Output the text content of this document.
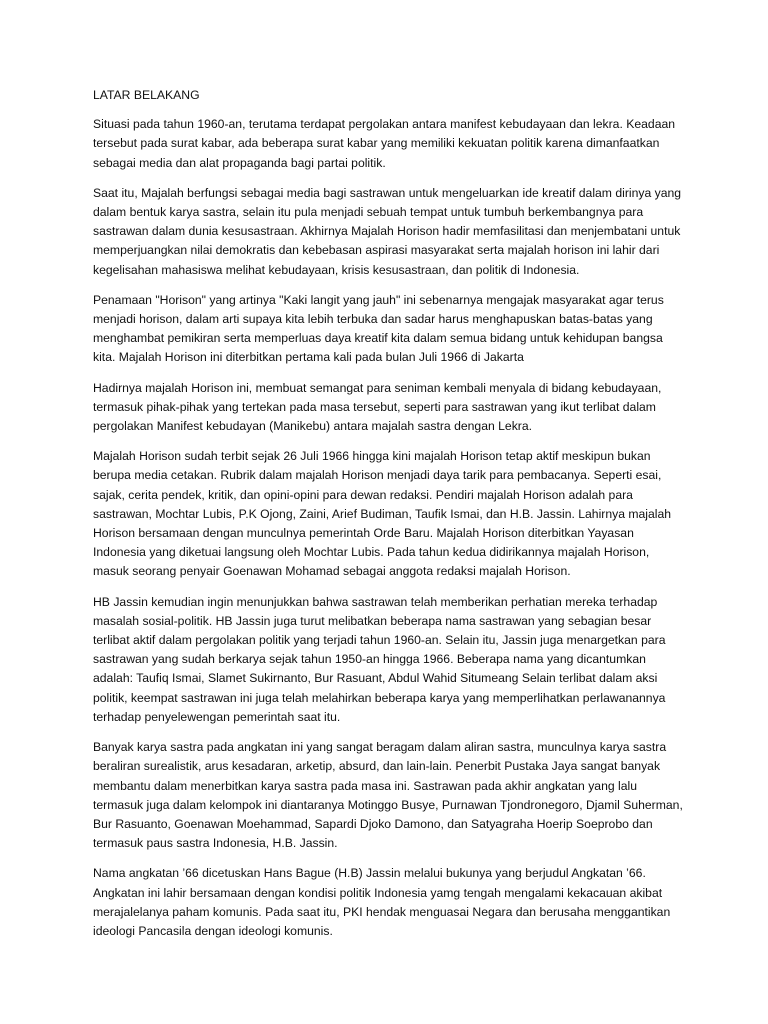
LATAR BELAKANG

Situasi pada tahun 1960-an, terutama terdapat pergolakan antara manifest kebudayaan dan lekra. Keadaan tersebut pada surat kabar, ada beberapa surat kabar yang memiliki kekuatan politik karena dimanfaatkan sebagai media dan alat propaganda bagi partai politik.

Saat itu, Majalah berfungsi sebagai media bagi sastrawan untuk mengeluarkan ide kreatif dalam dirinya yang dalam bentuk karya sastra, selain itu pula menjadi sebuah tempat untuk tumbuh berkembangnya para sastrawan dalam dunia kesusastraan. Akhirnya Majalah Horison hadir memfasilitasi dan menjembatani untuk memperjuangkan nilai demokratis dan kebebasan aspirasi masyarakat serta majalah horison ini lahir dari kegelisahan mahasiswa melihat kebudayaan, krisis kesusastraan, dan politik di Indonesia.

Penamaan "Horison" yang artinya "Kaki langit yang jauh" ini sebenarnya mengajak masyarakat agar terus menjadi horison, dalam arti supaya kita lebih terbuka dan sadar harus menghapuskan batas-batas yang menghambat pemikiran serta memperluas daya kreatif kita dalam semua bidang untuk kehidupan bangsa kita. Majalah Horison ini diterbitkan pertama kali pada bulan Juli 1966 di Jakarta

Hadirnya majalah Horison ini, membuat semangat para seniman kembali menyala di bidang kebudayaan, termasuk pihak-pihak yang tertekan pada masa tersebut, seperti para sastrawan yang ikut terlibat dalam pergolakan Manifest kebudayan (Manikebu) antara majalah sastra dengan Lekra.

Majalah Horison sudah terbit sejak 26 Juli 1966 hingga kini majalah Horison tetap aktif meskipun bukan berupa media cetakan. Rubrik dalam majalah Horison menjadi daya tarik para pembacanya. Seperti esai, sajak, cerita pendek, kritik, dan opini-opini para dewan redaksi. Pendiri majalah Horison adalah para sastrawan, Mochtar Lubis, P.K Ojong, Zaini, Arief Budiman, Taufik Ismai, dan H.B. Jassin. Lahirnya majalah Horison bersamaan dengan munculnya pemerintah Orde Baru. Majalah Horison diterbitkan Yayasan Indonesia yang diketuai langsung oleh Mochtar Lubis. Pada tahun kedua didirikannya majalah Horison, masuk seorang penyair Goenawan Mohamad sebagai anggota redaksi majalah Horison.

HB Jassin kemudian ingin menunjukkan bahwa sastrawan telah memberikan perhatian mereka terhadap masalah sosial-politik. HB Jassin juga turut melibatkan beberapa nama sastrawan yang sebagian besar terlibat aktif dalam pergolakan politik yang terjadi tahun 1960-an. Selain itu, Jassin juga menargetkan para sastrawan yang sudah berkarya sejak tahun 1950-an hingga 1966. Beberapa nama yang dicantumkan adalah: Taufiq Ismai, Slamet Sukirnanto, Bur Rasuant, Abdul Wahid Situmeang Selain terlibat dalam aksi politik, keempat sastrawan ini juga telah melahirkan beberapa karya yang memperlihatkan perlawanannya terhadap penyelewengan pemerintah saat itu.

Banyak karya sastra pada angkatan ini yang sangat beragam dalam aliran sastra, munculnya karya sastra beraliran surealistik, arus kesadaran, arketip, absurd, dan lain-lain. Penerbit Pustaka Jaya sangat banyak membantu dalam menerbitkan karya sastra pada masa ini. Sastrawan pada akhir angkatan yang lalu termasuk juga dalam kelompok ini diantaranya Motinggo Busye, Purnawan Tjondronegoro, Djamil Suherman, Bur Rasuanto, Goenawan Moehammad, Sapardi Djoko Damono, dan Satyagraha Hoerip Soeprobo dan termasuk paus sastra Indonesia, H.B. Jassin.

Nama angkatan ’66 dicetuskan Hans Bague (H.B) Jassin melalui bukunya yang berjudul Angkatan ’66. Angkatan ini lahir bersamaan dengan kondisi politik Indonesia yamg tengah mengalami kekacauan akibat merajalelanya paham komunis. Pada saat itu, PKI hendak menguasai Negara dan berusaha menggantikan ideologi Pancasila dengan ideologi komunis.
